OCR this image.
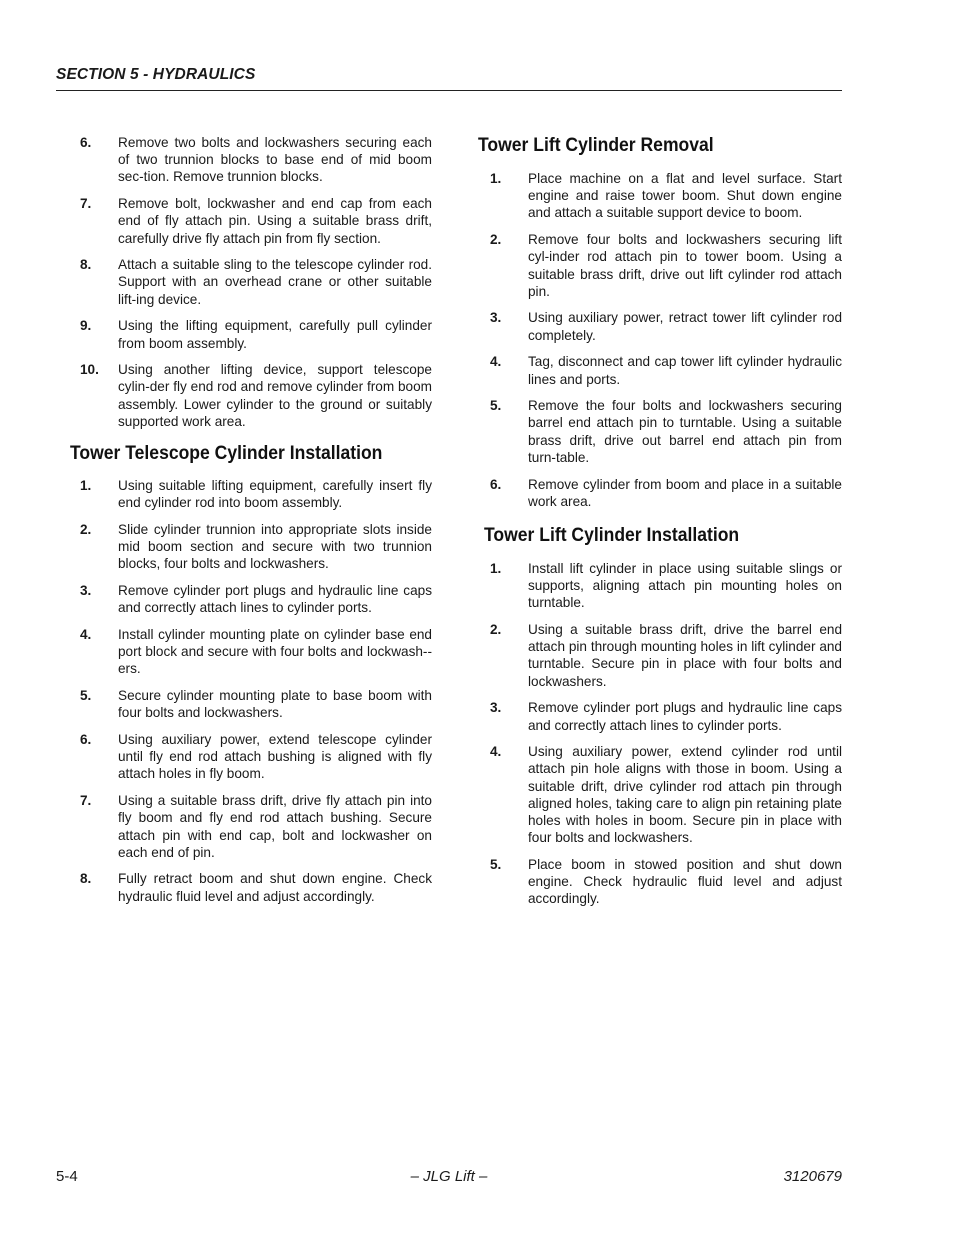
SECTION 5 - HYDRAULICS
6.	Remove two bolts and lockwashers securing each of two trunnion blocks to base end of mid boom sec-tion. Remove trunnion blocks.
7.	Remove bolt, lockwasher and end cap from each end of fly attach pin. Using a suitable brass drift, carefully drive fly attach pin from fly section.
8.	Attach a suitable sling to the telescope cylinder rod. Support with an overhead crane or other suitable lift-ing device.
9.	Using the lifting equipment, carefully pull cylinder from boom assembly.
10.	Using another lifting device, support telescope cylin-der fly end rod and remove cylinder from boom assembly. Lower cylinder to the ground or suitably supported work area.
Tower Telescope Cylinder Installation
1.	Using suitable lifting equipment, carefully insert fly end cylinder rod into boom assembly.
2.	Slide cylinder trunnion into appropriate slots inside mid boom section and secure with two trunnion blocks, four bolts and lockwashers.
3.	Remove cylinder port plugs and hydraulic line caps and correctly attach lines to cylinder ports.
4.	Install cylinder mounting plate on cylinder base end port block and secure with four bolts and lockwash-ers.
5.	Secure cylinder mounting plate to base boom with four bolts and lockwashers.
6.	Using auxiliary power, extend telescope cylinder until fly end rod attach bushing is aligned with fly attach holes in fly boom.
7.	Using a suitable brass drift, drive fly attach pin into fly boom and fly end rod attach bushing. Secure attach pin with end cap, bolt and lockwasher on each end of pin.
8.	Fully retract boom and shut down engine. Check hydraulic fluid level and adjust accordingly.
Tower Lift Cylinder Removal
1.	Place machine on a flat and level surface. Start engine and raise tower boom. Shut down engine and attach a suitable support device to boom.
2.	Remove four bolts and lockwashers securing lift cyl-inder rod attach pin to tower boom. Using a suitable brass drift, drive out lift cylinder rod attach pin.
3.	Using auxiliary power, retract tower lift cylinder rod completely.
4.	Tag, disconnect and cap tower lift cylinder hydraulic lines and ports.
5.	Remove the four bolts and lockwashers securing barrel end attach pin to turntable. Using a suitable brass drift, drive out barrel end attach pin from turn-table.
6.	Remove cylinder from boom and place in a suitable work area.
Tower Lift Cylinder Installation
1.	Install lift cylinder in place using suitable slings or supports, aligning attach pin mounting holes on turntable.
2.	Using a suitable brass drift, drive the barrel end attach pin through mounting holes in lift cylinder and turntable. Secure pin in place with four bolts and lockwashers.
3.	Remove cylinder port plugs and hydraulic line caps and correctly attach lines to cylinder ports.
4.	Using auxiliary power, extend cylinder rod until attach pin hole aligns with those in boom. Using a suitable drift, drive cylinder rod attach pin through aligned holes, taking care to align pin retaining plate holes with holes in boom. Secure pin in place with four bolts and lockwashers.
5.	Place boom in stowed position and shut down engine. Check hydraulic fluid level and adjust accordingly.
5-4	– JLG Lift –	3120679
